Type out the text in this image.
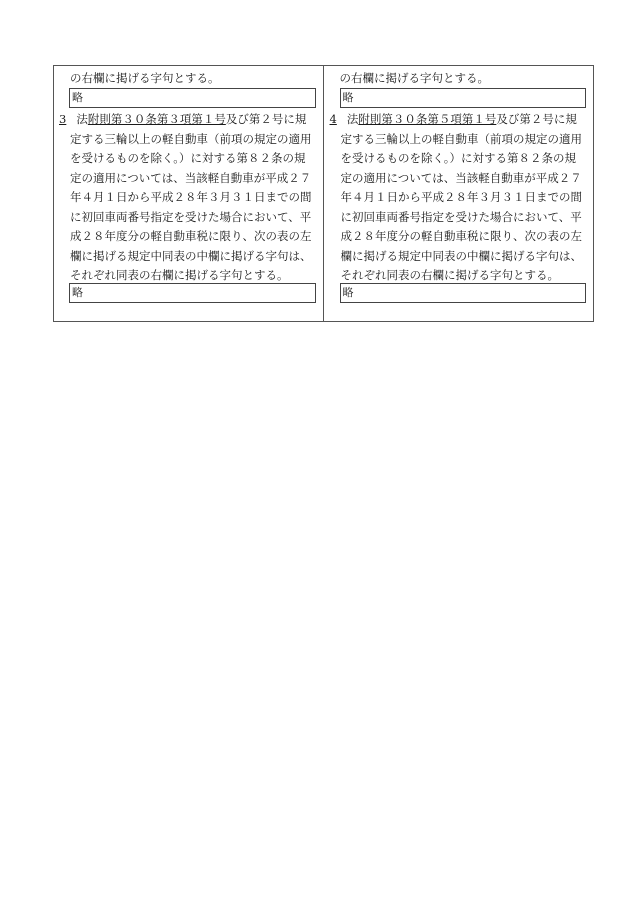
の右欄に掲げる字句とする。
略
3 法附則第３０条第３項第１号及び第２号に規
定する三輪以上の軽自動車（前項の規定の適用
を受けるものを除く。）に対する第８２条の規
定の適用については、当該軽自動車が平成２７
年４月１日から平成２８年３月３１日までの間
に初回車両番号指定を受けた場合において、平
成２８年度分の軽自動車税に限り、次の表の左
欄に掲げる規定中同表の中欄に掲げる字句は、
それぞれ同表の右欄に掲げる字句とする。
略
の右欄に掲げる字句とする。
略
4 法附則第３０条第５項第１号及び第２号に規
定する三輪以上の軽自動車（前項の規定の適用
を受けるものを除く。）に対する第８２条の規
定の適用については、当該軽自動車が平成２７
年４月１日から平成２８年３月３１日までの間
に初回車両番号指定を受けた場合において、平
成２８年度分の軽自動車税に限り、次の表の左
欄に掲げる規定中同表の中欄に掲げる字句は、
それぞれ同表の右欄に掲げる字句とする。
略
